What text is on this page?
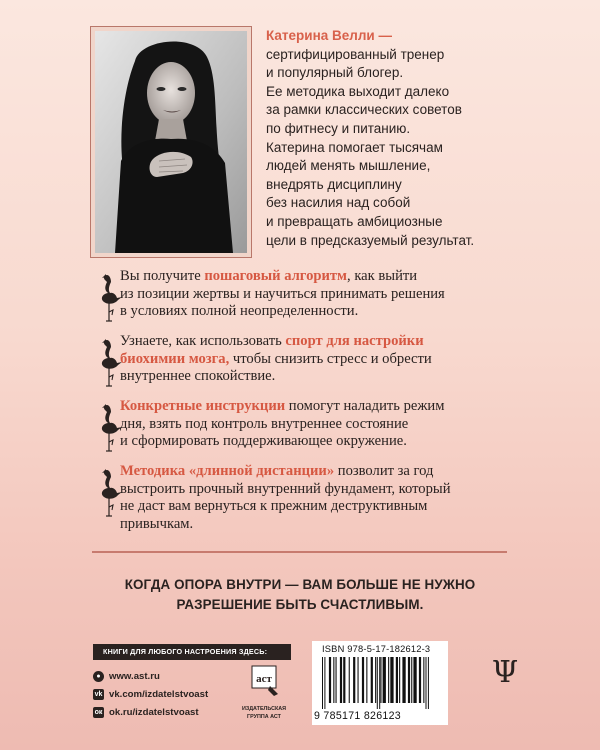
Катерина Велли —
сертифицированный тренер
и популярный блогер.
Ее методика выходит далеко
за рамки классических советов
по фитнесу и питанию.
Катерина помогает тысячам
людей менять мышление,
внедрять дисциплину
без насилия над собой
и превращать амбициозные
цели в предсказуемый результат.
Вы получите пошаговый алгоритм, как выйти
из позиции жертвы и научиться принимать решения
в условиях полной неопределенности.
Узнаете, как использовать спорт для настройки
биохимии мозга, чтобы снизить стресс и обрести
внутреннее спокойствие.
Конкретные инструкции помогут наладить режим
дня, взять под контроль внутреннее состояние
и сформировать поддерживающее окружение.
Методика «длинной дистанции» позволит за год
выстроить прочный внутренний фундамент, который
не даст вам вернуться к прежним деструктивным
привычкам.
КОГДА ОПОРА ВНУТРИ — ВАМ БОЛЬШЕ НЕ НУЖНО
РАЗРЕШЕНИЕ БЫТЬ СЧАСТЛИВЫМ.
КНИГИ ДЛЯ ЛЮБОГО НАСТРОЕНИЯ ЗДЕСЬ:
● www.ast.ru
vk vk.com/izdatelstvoast
ок ok.ru/izdatelstvoast
аст
ИЗДАТЕЛЬСКАЯ
ГРУППА АСТ
ISBN 978-5-17-182612-3
9 785171 826123
Ψ
